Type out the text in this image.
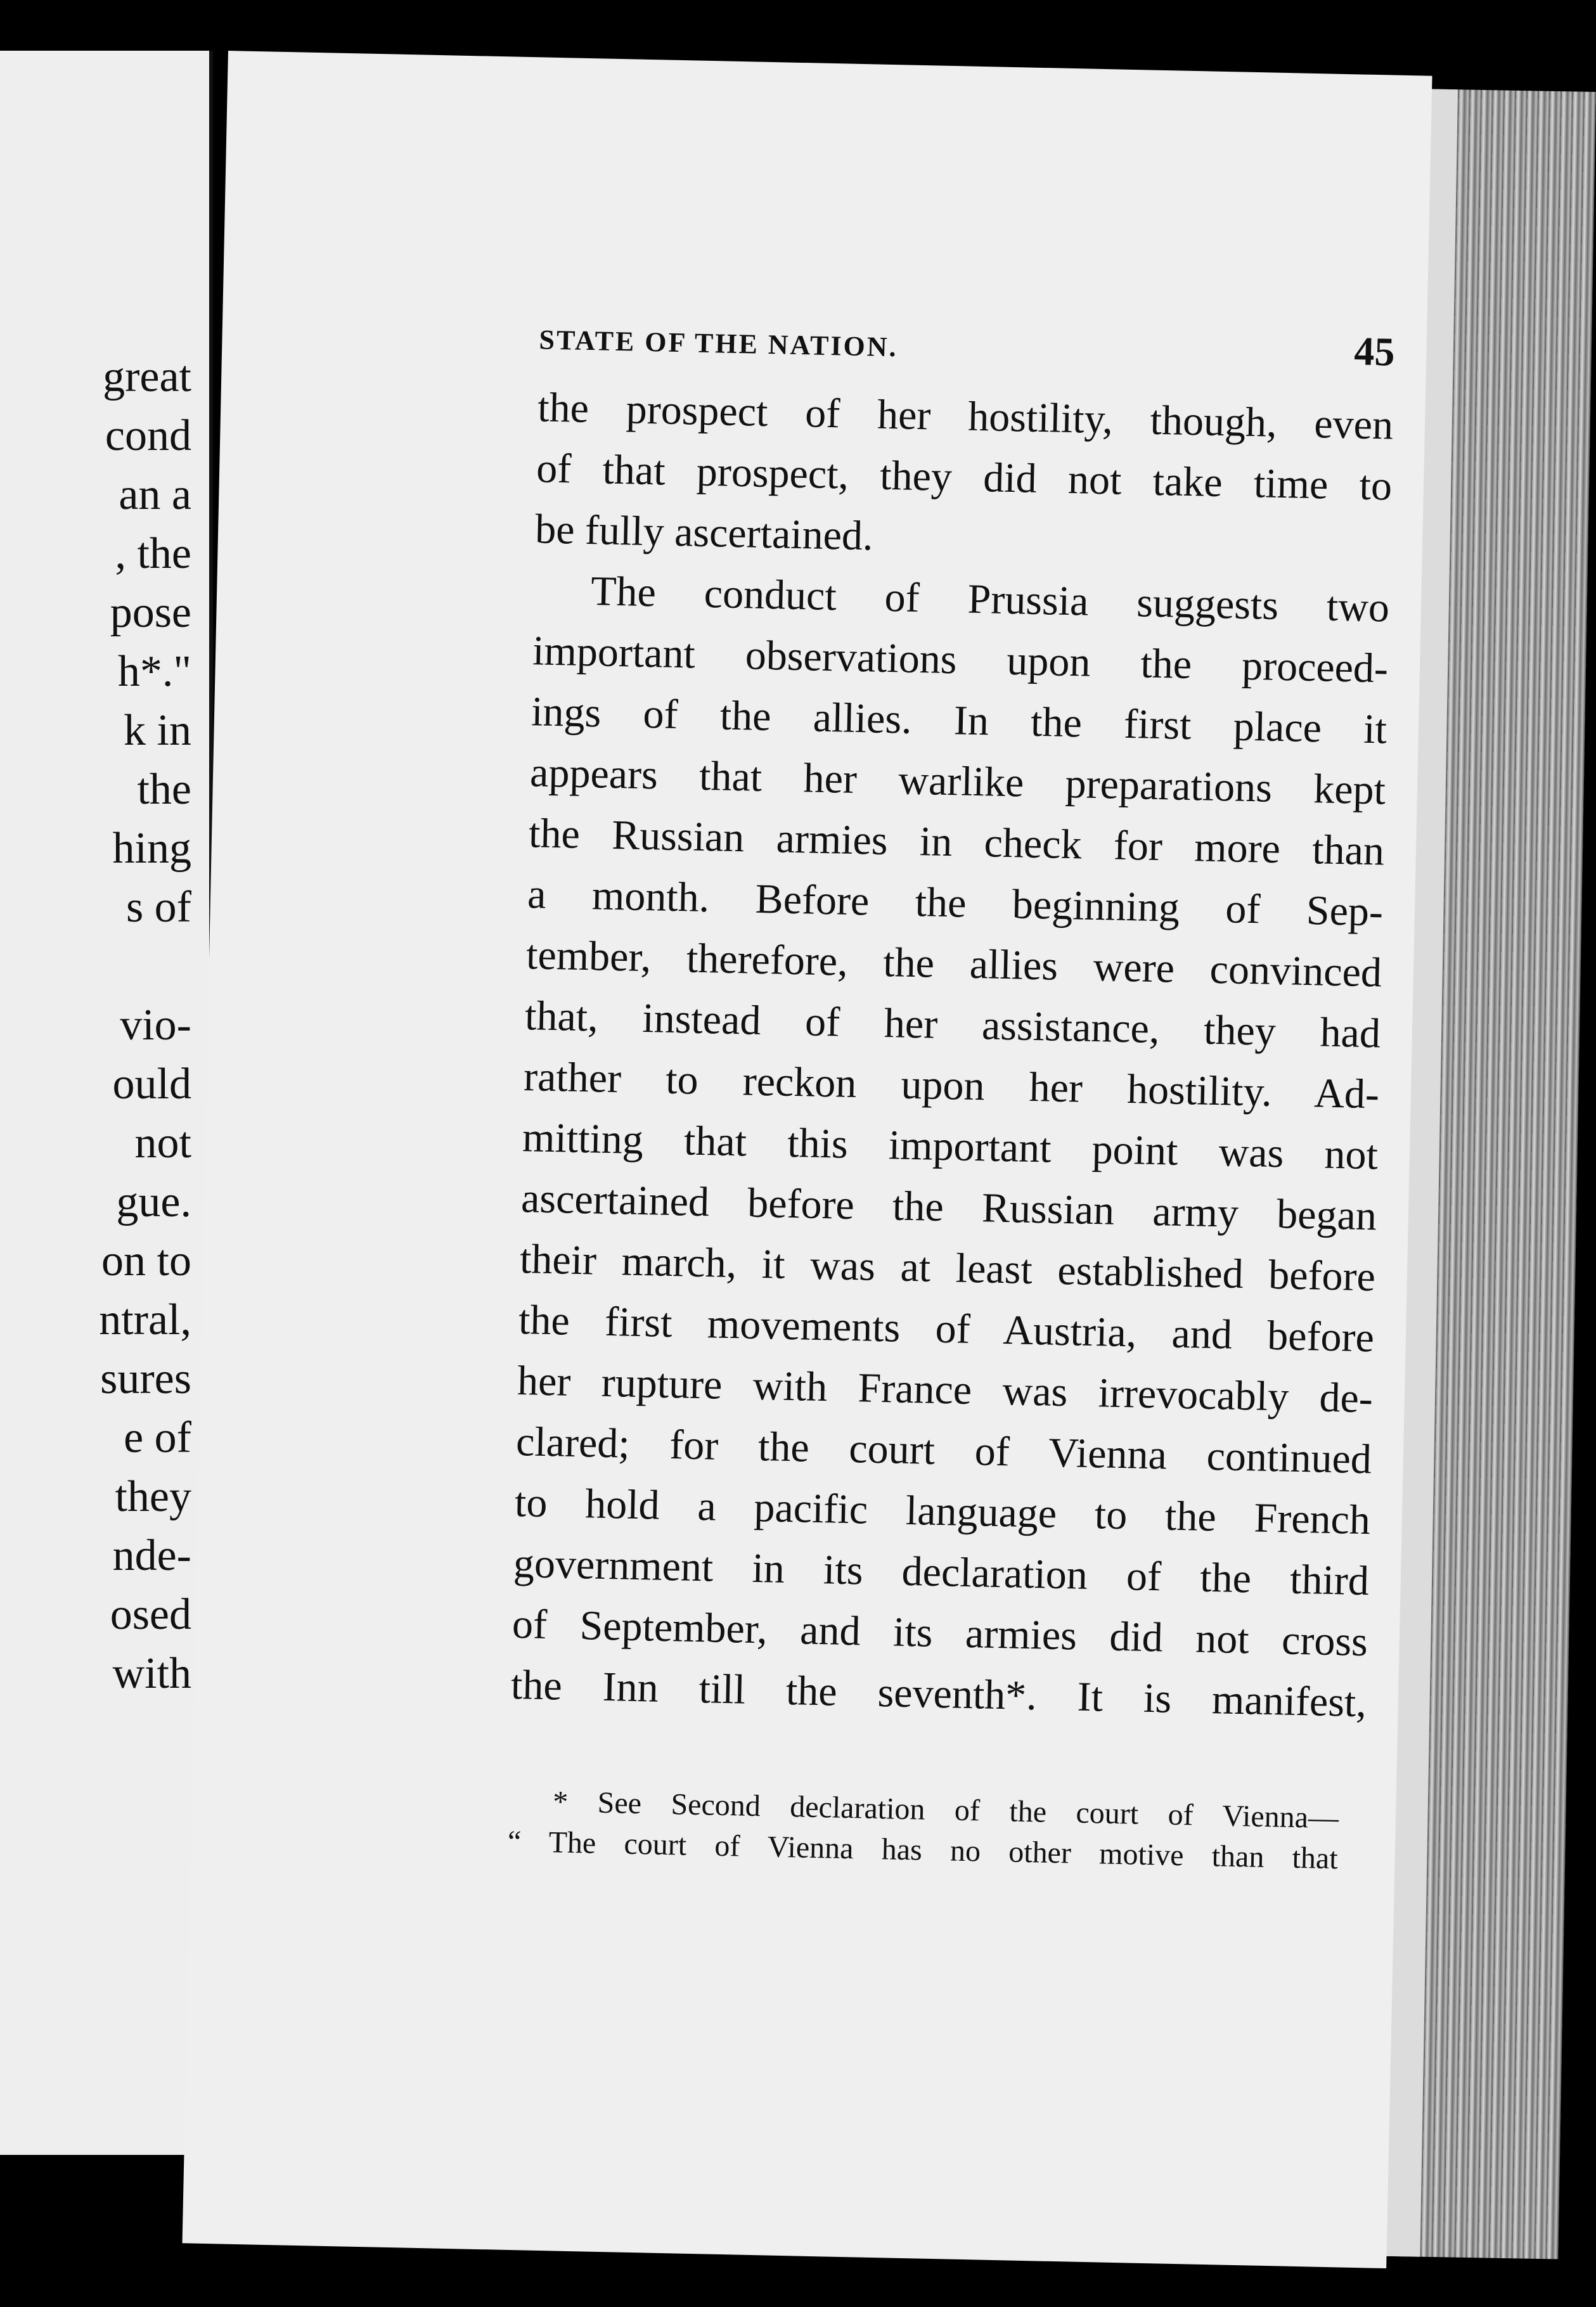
great
cond
an a
, the
pose
h*."
k in
the
hing
s of
vio-
ould
not
gue.
on to
ntral,
sures
e of
they
nde-
osed
with
STATE OF THE NATION.	45
the prospect of her hostility, though, even
of that prospect, they did not take time to
be fully ascertained.
The conduct of Prussia suggests two
important observations upon the proceed-
ings of the allies. In the first place it
appears that her warlike preparations kept
the Russian armies in check for more than
a month. Before the beginning of Sep-
tember, therefore, the allies were convinced
that, instead of her assistance, they had
rather to reckon upon her hostility. Ad-
mitting that this important point was not
ascertained before the Russian army began
their march, it was at least established before
the first movements of Austria, and before
her rupture with France was irrevocably de-
clared; for the court of Vienna continued
to hold a pacific language to the French
government in its declaration of the third
of September, and its armies did not cross
the Inn till the seventh*. It is manifest,
* See Second declaration of the court of Vienna—
“ The court of Vienna has no other motive than that
